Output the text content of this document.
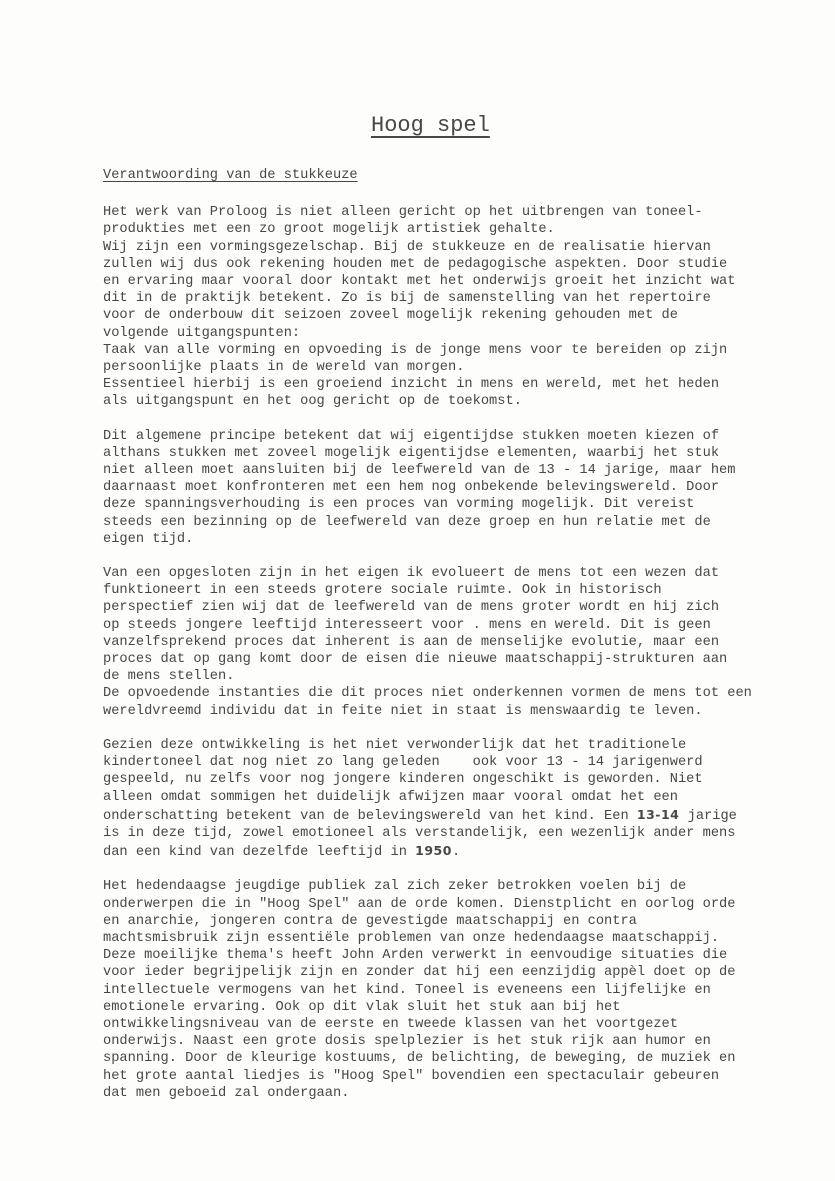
Hoog spel
Verantwoording van de stukkeuze
Het werk van Proloog is niet alleen gericht op het uitbrengen van toneel-
produkties met een zo groot mogelijk artistiek gehalte.
Wij zijn een vormingsgezelschap. Bij de stukkeuze en de realisatie hiervan
zullen wij dus ook rekening houden met de pedagogische aspekten. Door studie
en ervaring maar vooral door kontakt met het onderwijs groeit het inzicht wat
dit in de praktijk betekent. Zo is bij de samenstelling van het repertoire
voor de onderbouw dit seizoen zoveel mogelijk rekening gehouden met de
volgende uitgangspunten:
Taak van alle vorming en opvoeding is de jonge mens voor te bereiden op zijn
persoonlijke plaats in de wereld van morgen.
Essentieel hierbij is een groeiend inzicht in mens en wereld, met het heden
als uitgangspunt en het oog gericht op de toekomst.
Dit algemene principe betekent dat wij eigentijdse stukken moeten kiezen of
althans stukken met zoveel mogelijk eigentijdse elementen, waarbij het stuk
niet alleen moet aansluiten bij de leefwereld van de 13 - 14 jarige, maar hem
daarnaast moet konfronteren met een hem nog onbekende belevingswereld. Door
deze spanningsverhouding is een proces van vorming mogelijk. Dit vereist
steeds een bezinning op de leefwereld van deze groep en hun relatie met de
eigen tijd.
Van een opgesloten zijn in het eigen ik evolueert de mens tot een wezen dat
funktioneert in een steeds grotere sociale ruimte. Ook in historisch
perspectief zien wij dat de leefwereld van de mens groter wordt en hij zich
op steeds jongere leeftijd interesseert voor . mens en wereld. Dit is geen
vanzelfsprekend proces dat inherent is aan de menselijke evolutie, maar een
proces dat op gang komt door de eisen die nieuwe maatschappij-strukturen aan
de mens stellen.
De opvoedende instanties die dit proces niet onderkennen vormen de mens tot een
wereldvreemd individu dat in feite niet in staat is menswaardig te leven.
Gezien deze ontwikkeling is het niet verwonderlijk dat het traditionele
kindertoneel dat nog niet zo lang geleden    ook voor 13 - 14 jarigenwerd
gespeeld, nu zelfs voor nog jongere kinderen ongeschikt is geworden. Niet
alleen omdat sommigen het duidelijk afwijzen maar vooral omdat het een
onderschatting betekent van de belevingswereld van het kind. Een 13-14 jarige
is in deze tijd, zowel emotioneel als verstandelijk, een wezenlijk ander mens
dan een kind van dezelfde leeftijd in 1950.
Het hedendaagse jeugdige publiek zal zich zeker betrokken voelen bij de
onderwerpen die in "Hoog Spel" aan de orde komen. Dienstplicht en oorlog orde
en anarchie, jongeren contra de gevestigde maatschappij en contra
machtsmisbruik zijn essentiële problemen van onze hedendaagse maatschappij.
Deze moeilijke thema's heeft John Arden verwerkt in eenvoudige situaties die
voor ieder begrijpelijk zijn en zonder dat hij een eenzijdig appèl doet op de
intellectuele vermogens van het kind. Toneel is eveneens een lijfelijke en
emotionele ervaring. Ook op dit vlak sluit het stuk aan bij het
ontwikkelingsniveau van de eerste en tweede klassen van het voortgezet
onderwijs. Naast een grote dosis spelplezier is het stuk rijk aan humor en
spanning. Door de kleurige kostuums, de belichting, de beweging, de muziek en
het grote aantal liedjes is "Hoog Spel" bovendien een spectaculair gebeuren
dat men geboeid zal ondergaan.
